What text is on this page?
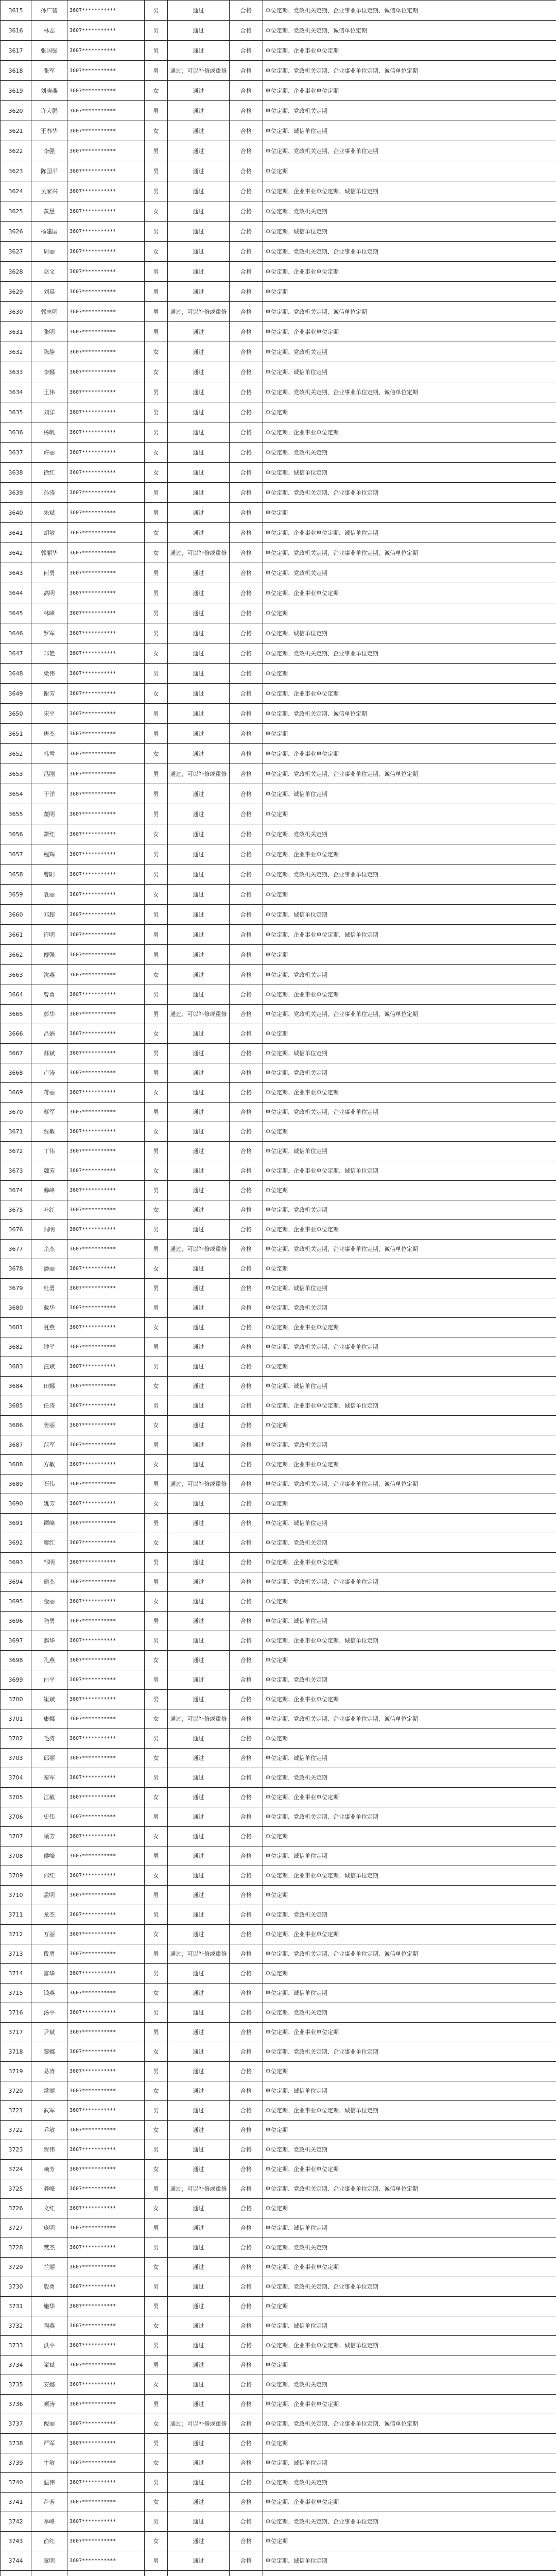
3615	孙广智	3607***********	男	通过	合格	单位定期、党政机关定期、企业事业单位定期、诚信单位定期
3616	林志	3607***********	男	通过	合格	单位定期、党政机关定期、诚信单位定期
3617	张国强	3607***********	男	通过	合格	单位定期、企业事业单位定期
3618	张军	3607***********	男	通过；可以补修或重修	合格	单位定期、党政机关定期、企业事业单位定期、诚信单位定期
3619	刘晓燕	3607***********	女	通过	合格	单位定期、企业事业单位定期
3620	许大鹏	3607***********	男	通过	合格	单位定期、党政机关定期
3621	王春华	3607***********	女	通过	合格	单位定期、诚信单位定期
3622	李强	3607***********	男	通过	合格	单位定期、党政机关定期、企业事业单位定期
3623	陈国平	3607***********	男	通过	合格	单位定期
3624	吴家兴	3607***********	男	通过	合格	单位定期、企业事业单位定期、诚信单位定期
3625	黄慧	3607***********	女	通过	合格	单位定期、党政机关定期
3626	杨建国	3607***********	男	通过	合格	单位定期、诚信单位定期
3627	周丽	3607***********	女	通过	合格	单位定期、党政机关定期、企业事业单位定期
3628	赵文	3607***********	男	通过	合格	单位定期、企业事业单位定期
3629	刘晨	3607***********	男	通过	合格	单位定期
3630	郭志明	3607***********	男	通过；可以补修或重修	合格	单位定期、党政机关定期、诚信单位定期
3631	张明	3607***********	男	通过	合格	单位定期、企业事业单位定期
3632	陈静	3607***********	女	通过	合格	单位定期、党政机关定期
3633	李娜	3607***********	女	通过	合格	单位定期、诚信单位定期
3634	王伟	3607***********	男	通过	合格	单位定期、党政机关定期、企业事业单位定期、诚信单位定期
3635	刘洋	3607***********	男	通过	合格	单位定期
3636	杨帆	3607***********	男	通过	合格	单位定期、企业事业单位定期
3637	许丽	3607***********	女	通过	合格	单位定期、党政机关定期
3638	徐红	3607***********	女	通过	合格	单位定期、诚信单位定期
3639	孙涛	3607***********	男	通过	合格	单位定期、党政机关定期、企业事业单位定期
3640	朱斌	3607***********	男	通过	合格	单位定期
3641	胡敏	3607***********	女	通过	合格	单位定期、企业事业单位定期、诚信单位定期
3642	郭丽华	3607***********	女	通过；可以补修或重修	合格	单位定期、党政机关定期、企业事业单位定期、诚信单位定期
3643	何勇	3607***********	男	通过	合格	单位定期、党政机关定期
3644	高明	3607***********	男	通过	合格	单位定期、企业事业单位定期
3645	林峰	3607***********	男	通过	合格	单位定期
3646	罗军	3607***********	男	通过	合格	单位定期、诚信单位定期
3647	郑艳	3607***********	女	通过	合格	单位定期、党政机关定期、企业事业单位定期
3648	梁伟	3607***********	男	通过	合格	单位定期
3649	谢芳	3607***********	女	通过	合格	单位定期、企业事业单位定期
3650	宋平	3607***********	男	通过	合格	单位定期、党政机关定期、诚信单位定期
3651	唐杰	3607***********	男	通过	合格	单位定期
3652	韩雪	3607***********	女	通过	合格	单位定期、企业事业单位定期
3653	冯刚	3607***********	男	通过；可以补修或重修	合格	单位定期、党政机关定期、企业事业单位定期、诚信单位定期
3654	于洋	3607***********	男	通过	合格	单位定期、诚信单位定期
3655	董明	3607***********	男	通过	合格	单位定期
3656	萧红	3607***********	女	通过	合格	单位定期、党政机关定期
3657	程辉	3607***********	男	通过	合格	单位定期、企业事业单位定期
3658	曹阳	3607***********	男	通过	合格	单位定期、党政机关定期、企业事业单位定期
3659	袁丽	3607***********	女	通过	合格	单位定期
3660	邓超	3607***********	男	通过	合格	单位定期、诚信单位定期
3661	许明	3607***********	男	通过	合格	单位定期、企业事业单位定期、诚信单位定期
3662	傅强	3607***********	男	通过	合格	单位定期
3663	沈燕	3607***********	女	通过	合格	单位定期、党政机关定期
3664	曾勇	3607***********	男	通过	合格	单位定期、企业事业单位定期
3665	彭华	3607***********	男	通过；可以补修或重修	合格	单位定期、党政机关定期、企业事业单位定期、诚信单位定期
3666	吕娟	3607***********	女	通过	合格	单位定期
3667	苏斌	3607***********	男	通过	合格	单位定期、诚信单位定期
3668	卢涛	3607***********	男	通过	合格	单位定期、党政机关定期
3669	蒋丽	3607***********	女	通过	合格	单位定期、企业事业单位定期
3670	蔡军	3607***********	男	通过	合格	单位定期、党政机关定期、企业事业单位定期
3671	贾敏	3607***********	女	通过	合格	单位定期
3672	丁伟	3607***********	男	通过	合格	单位定期、诚信单位定期
3673	魏芳	3607***********	女	通过	合格	单位定期、企业事业单位定期、诚信单位定期
3674	薛峰	3607***********	男	通过	合格	单位定期
3675	叶红	3607***********	女	通过	合格	单位定期、党政机关定期
3676	阎明	3607***********	男	通过	合格	单位定期、企业事业单位定期
3677	余杰	3607***********	男	通过；可以补修或重修	合格	单位定期、党政机关定期、企业事业单位定期、诚信单位定期
3678	潘丽	3607***********	女	通过	合格	单位定期
3679	杜勇	3607***********	男	通过	合格	单位定期、诚信单位定期
3680	戴华	3607***********	男	通过	合格	单位定期、党政机关定期
3681	夏燕	3607***********	女	通过	合格	单位定期、企业事业单位定期
3682	钟平	3607***********	男	通过	合格	单位定期、党政机关定期、企业事业单位定期
3683	汪斌	3607***********	男	通过	合格	单位定期
3684	田娜	3607***********	女	通过	合格	单位定期、诚信单位定期
3685	任涛	3607***********	男	通过	合格	单位定期、企业事业单位定期、诚信单位定期
3686	姜丽	3607***********	女	通过	合格	单位定期
3687	范军	3607***********	男	通过	合格	单位定期、党政机关定期
3688	方敏	3607***********	女	通过	合格	单位定期、企业事业单位定期
3689	石伟	3607***********	男	通过；可以补修或重修	合格	单位定期、党政机关定期、企业事业单位定期、诚信单位定期
3690	姚芳	3607***********	女	通过	合格	单位定期
3691	谭峰	3607***********	男	通过	合格	单位定期、诚信单位定期
3692	廖红	3607***********	女	通过	合格	单位定期、党政机关定期
3693	邹明	3607***********	男	通过	合格	单位定期、企业事业单位定期
3694	熊杰	3607***********	男	通过	合格	单位定期、党政机关定期、企业事业单位定期
3695	金丽	3607***********	女	通过	合格	单位定期
3696	陆勇	3607***********	男	通过	合格	单位定期、诚信单位定期
3697	郝华	3607***********	男	通过	合格	单位定期、企业事业单位定期、诚信单位定期
3698	孔燕	3607***********	女	通过	合格	单位定期
3699	白平	3607***********	男	通过	合格	单位定期、党政机关定期
3700	崔斌	3607***********	男	通过	合格	单位定期、企业事业单位定期
3701	康娜	3607***********	女	通过；可以补修或重修	合格	单位定期、党政机关定期、企业事业单位定期、诚信单位定期
3702	毛涛	3607***********	男	通过	合格	单位定期
3703	邱丽	3607***********	女	通过	合格	单位定期、诚信单位定期
3704	秦军	3607***********	男	通过	合格	单位定期、党政机关定期
3705	江敏	3607***********	女	通过	合格	单位定期、企业事业单位定期
3706	史伟	3607***********	男	通过	合格	单位定期、党政机关定期、企业事业单位定期
3707	顾芳	3607***********	女	通过	合格	单位定期
3708	侯峰	3607***********	男	通过	合格	单位定期、诚信单位定期
3709	邵红	3607***********	女	通过	合格	单位定期、企业事业单位定期、诚信单位定期
3710	孟明	3607***********	男	通过	合格	单位定期
3711	龙杰	3607***********	男	通过	合格	单位定期、党政机关定期
3712	万丽	3607***********	女	通过	合格	单位定期、企业事业单位定期
3713	段勇	3607***********	男	通过；可以补修或重修	合格	单位定期、党政机关定期、企业事业单位定期、诚信单位定期
3714	雷华	3607***********	男	通过	合格	单位定期
3715	钱燕	3607***********	女	通过	合格	单位定期、诚信单位定期
3716	汤平	3607***********	男	通过	合格	单位定期、党政机关定期
3717	尹斌	3607***********	男	通过	合格	单位定期、企业事业单位定期
3718	黎娜	3607***********	女	通过	合格	单位定期、党政机关定期、企业事业单位定期
3719	易涛	3607***********	男	通过	合格	单位定期
3720	常丽	3607***********	女	通过	合格	单位定期、诚信单位定期
3721	武军	3607***********	男	通过	合格	单位定期、企业事业单位定期、诚信单位定期
3722	乔敏	3607***********	女	通过	合格	单位定期
3723	贺伟	3607***********	男	通过	合格	单位定期、党政机关定期
3724	赖芳	3607***********	女	通过	合格	单位定期、企业事业单位定期
3725	龚峰	3607***********	男	通过；可以补修或重修	合格	单位定期、党政机关定期、企业事业单位定期、诚信单位定期
3726	文红	3607***********	女	通过	合格	单位定期
3727	庞明	3607***********	男	通过	合格	单位定期、诚信单位定期
3728	樊杰	3607***********	男	通过	合格	单位定期、党政机关定期
3729	兰丽	3607***********	女	通过	合格	单位定期、企业事业单位定期
3730	殷勇	3607***********	男	通过	合格	单位定期、党政机关定期、企业事业单位定期
3731	施华	3607***********	男	通过	合格	单位定期
3732	陶燕	3607***********	女	通过	合格	单位定期、诚信单位定期
3733	洪平	3607***********	男	通过	合格	单位定期、企业事业单位定期、诚信单位定期
3734	翟斌	3607***********	男	通过	合格	单位定期
3735	安娜	3607***********	女	通过	合格	单位定期、党政机关定期
3736	颜涛	3607***********	男	通过	合格	单位定期、企业事业单位定期
3737	倪丽	3607***********	女	通过；可以补修或重修	合格	单位定期、党政机关定期、企业事业单位定期、诚信单位定期
3738	严军	3607***********	男	通过	合格	单位定期
3739	牛敏	3607***********	女	通过	合格	单位定期、诚信单位定期
3740	温伟	3607***********	男	通过	合格	单位定期、党政机关定期
3741	芦芳	3607***********	女	通过	合格	单位定期、企业事业单位定期
3742	季峰	3607***********	男	通过	合格	单位定期、党政机关定期、企业事业单位定期
3743	俞红	3607***********	女	通过	合格	单位定期
3744	章明	3607***********	男	通过	合格	单位定期、诚信单位定期
